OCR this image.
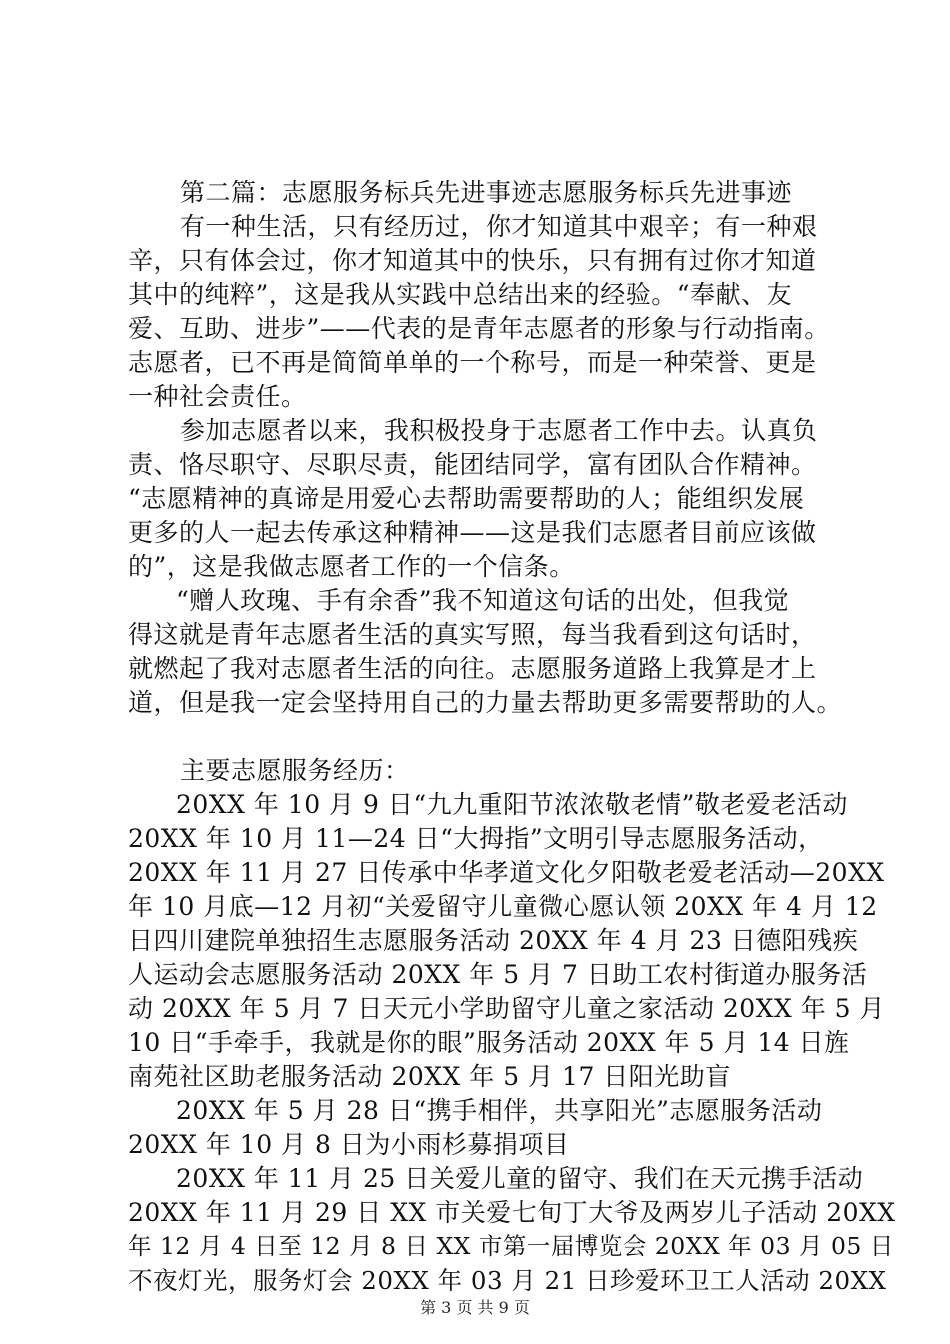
第二篇：志愿服务标兵先进事迹志愿服务标兵先进事迹
有一种生活，只有经历过，你才知道其中艰辛；有一种艰
辛，只有体会过，你才知道其中的快乐，只有拥有过你才知道
其中的纯粹”，这是我从实践中总结出来的经验。“奉献、友
爱、互助、进步”——代表的是青年志愿者的形象与行动指南。
志愿者，已不再是简简单单的一个称号，而是一种荣誉、更是
一种社会责任。
参加志愿者以来，我积极投身于志愿者工作中去。认真负
责、恪尽职守、尽职尽责，能团结同学，富有团队合作精神。
“志愿精神的真谛是用爱心去帮助需要帮助的人；能组织发展
更多的人一起去传承这种精神——这是我们志愿者目前应该做
的”，这是我做志愿者工作的一个信条。
“赠人玫瑰、手有余香”我不知道这句话的出处，但我觉
得这就是青年志愿者生活的真实写照，每当我看到这句话时，
就燃起了我对志愿者生活的向往。志愿服务道路上我算是才上
道，但是我一定会坚持用自己的力量去帮助更多需要帮助的人。
主要志愿服务经历：
20XX 年 10 月 9 日“九九重阳节浓浓敬老情”敬老爱老活动
20XX 年 10 月 11—24 日“大拇指”文明引导志愿服务活动，
20XX 年 11 月 27 日传承中华孝道文化夕阳敬老爱老活动—20XX
年 10 月底—12 月初“关爱留守儿童微心愿认领 20XX 年 4 月 12
日四川建院单独招生志愿服务活动 20XX 年 4 月 23 日德阳残疾
人运动会志愿服务活动 20XX 年 5 月 7 日助工农村街道办服务活
动 20XX 年 5 月 7 日天元小学助留守儿童之家活动 20XX 年 5 月
10 日“手牵手，我就是你的眼”服务活动 20XX 年 5 月 14 日旌
南苑社区助老服务活动 20XX 年 5 月 17 日阳光助盲
20XX 年 5 月 28 日“携手相伴，共享阳光”志愿服务活动
20XX 年 10 月 8 日为小雨杉募捐项目
20XX 年 11 月 25 日关爱儿童的留守、我们在天元携手活动
20XX 年 11 月 29 日 XX 市关爱七旬丁大爷及两岁儿子活动 20XX
年 12 月 4 日至 12 月 8 日 XX 市第一届博览会 20XX 年 03 月 05 日
不夜灯光，服务灯会 20XX 年 03 月 21 日珍爱环卫工人活动 20XX
第 3 页 共 9 页
